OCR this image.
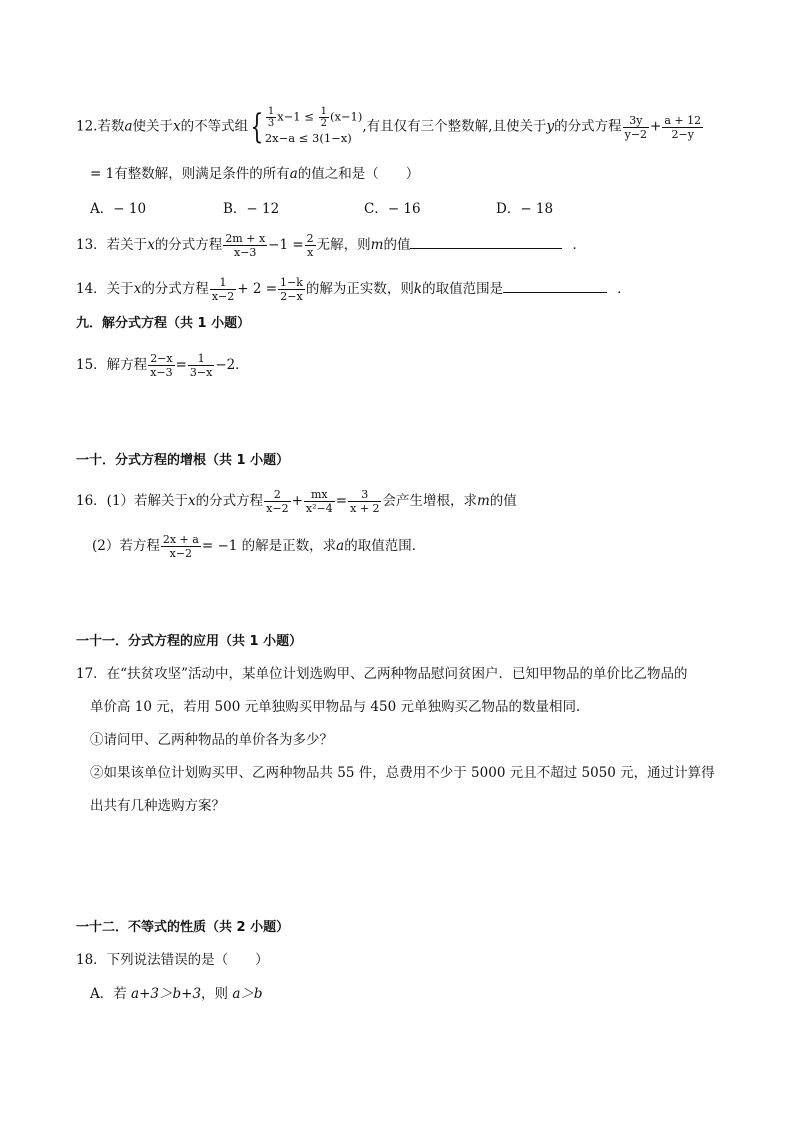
12.若数a使关于x的不等式组{ $\frac{1}{3} x-1 \le \frac{1}{2} (x-1)$
2x−a ≤ 3(1−x)
,有且仅有三个整数解,且使关于y的分式方程 $\frac{3y}{y-2} + \frac{a + 12}{2-y}$
= 1有整数解，则满足条件的所有a的值之和是（　　）
A．− 10	B．− 12	C．− 16	D．− 18
13．若关于x的分式方程 $\frac{2m + x}{x-3} -1 = \frac{2}{x}$ 无解，则m的值	．
14．关于x的分式方程 $\frac{1}{x-2} + 2 = \frac{1-k}{2-x}$ 的解为正实数，则k的取值范围是	．
九．解分式方程（共 1 小题）
15．解方程 $\frac{2-x}{x-3} = \frac{1}{3-x} -2$．
一十．分式方程的增根（共 1 小题）
16．(1）若解关于x的分式方程 $\frac{2}{x-2} + \frac{mx}{\text{x²−4}} = \frac{3}{x + 2}$ 会产生增根，求m的值
(2）若方程 $\frac{2x + a}{x-2} = -1$ 的解是正数，求a的取值范围．
一十一．分式方程的应用（共 1 小题）
17．在“扶贫攻坚”活动中，某单位计划选购甲、乙两种物品慰问贫困户．已知甲物品的单价比乙物品的
单价高 10 元，若用 500 元单独购买甲物品与 450 元单独购买乙物品的数量相同．
①请问甲、乙两种物品的单价各为多少？
②如果该单位计划购买甲、乙两种物品共 55 件，总费用不少于 5000 元且不超过 5050 元，通过计算得
出共有几种选购方案？
一十二．不等式的性质（共 2 小题）
18．下列说法错误的是（　　）
A．若 a+3＞b+3，则 a＞b
